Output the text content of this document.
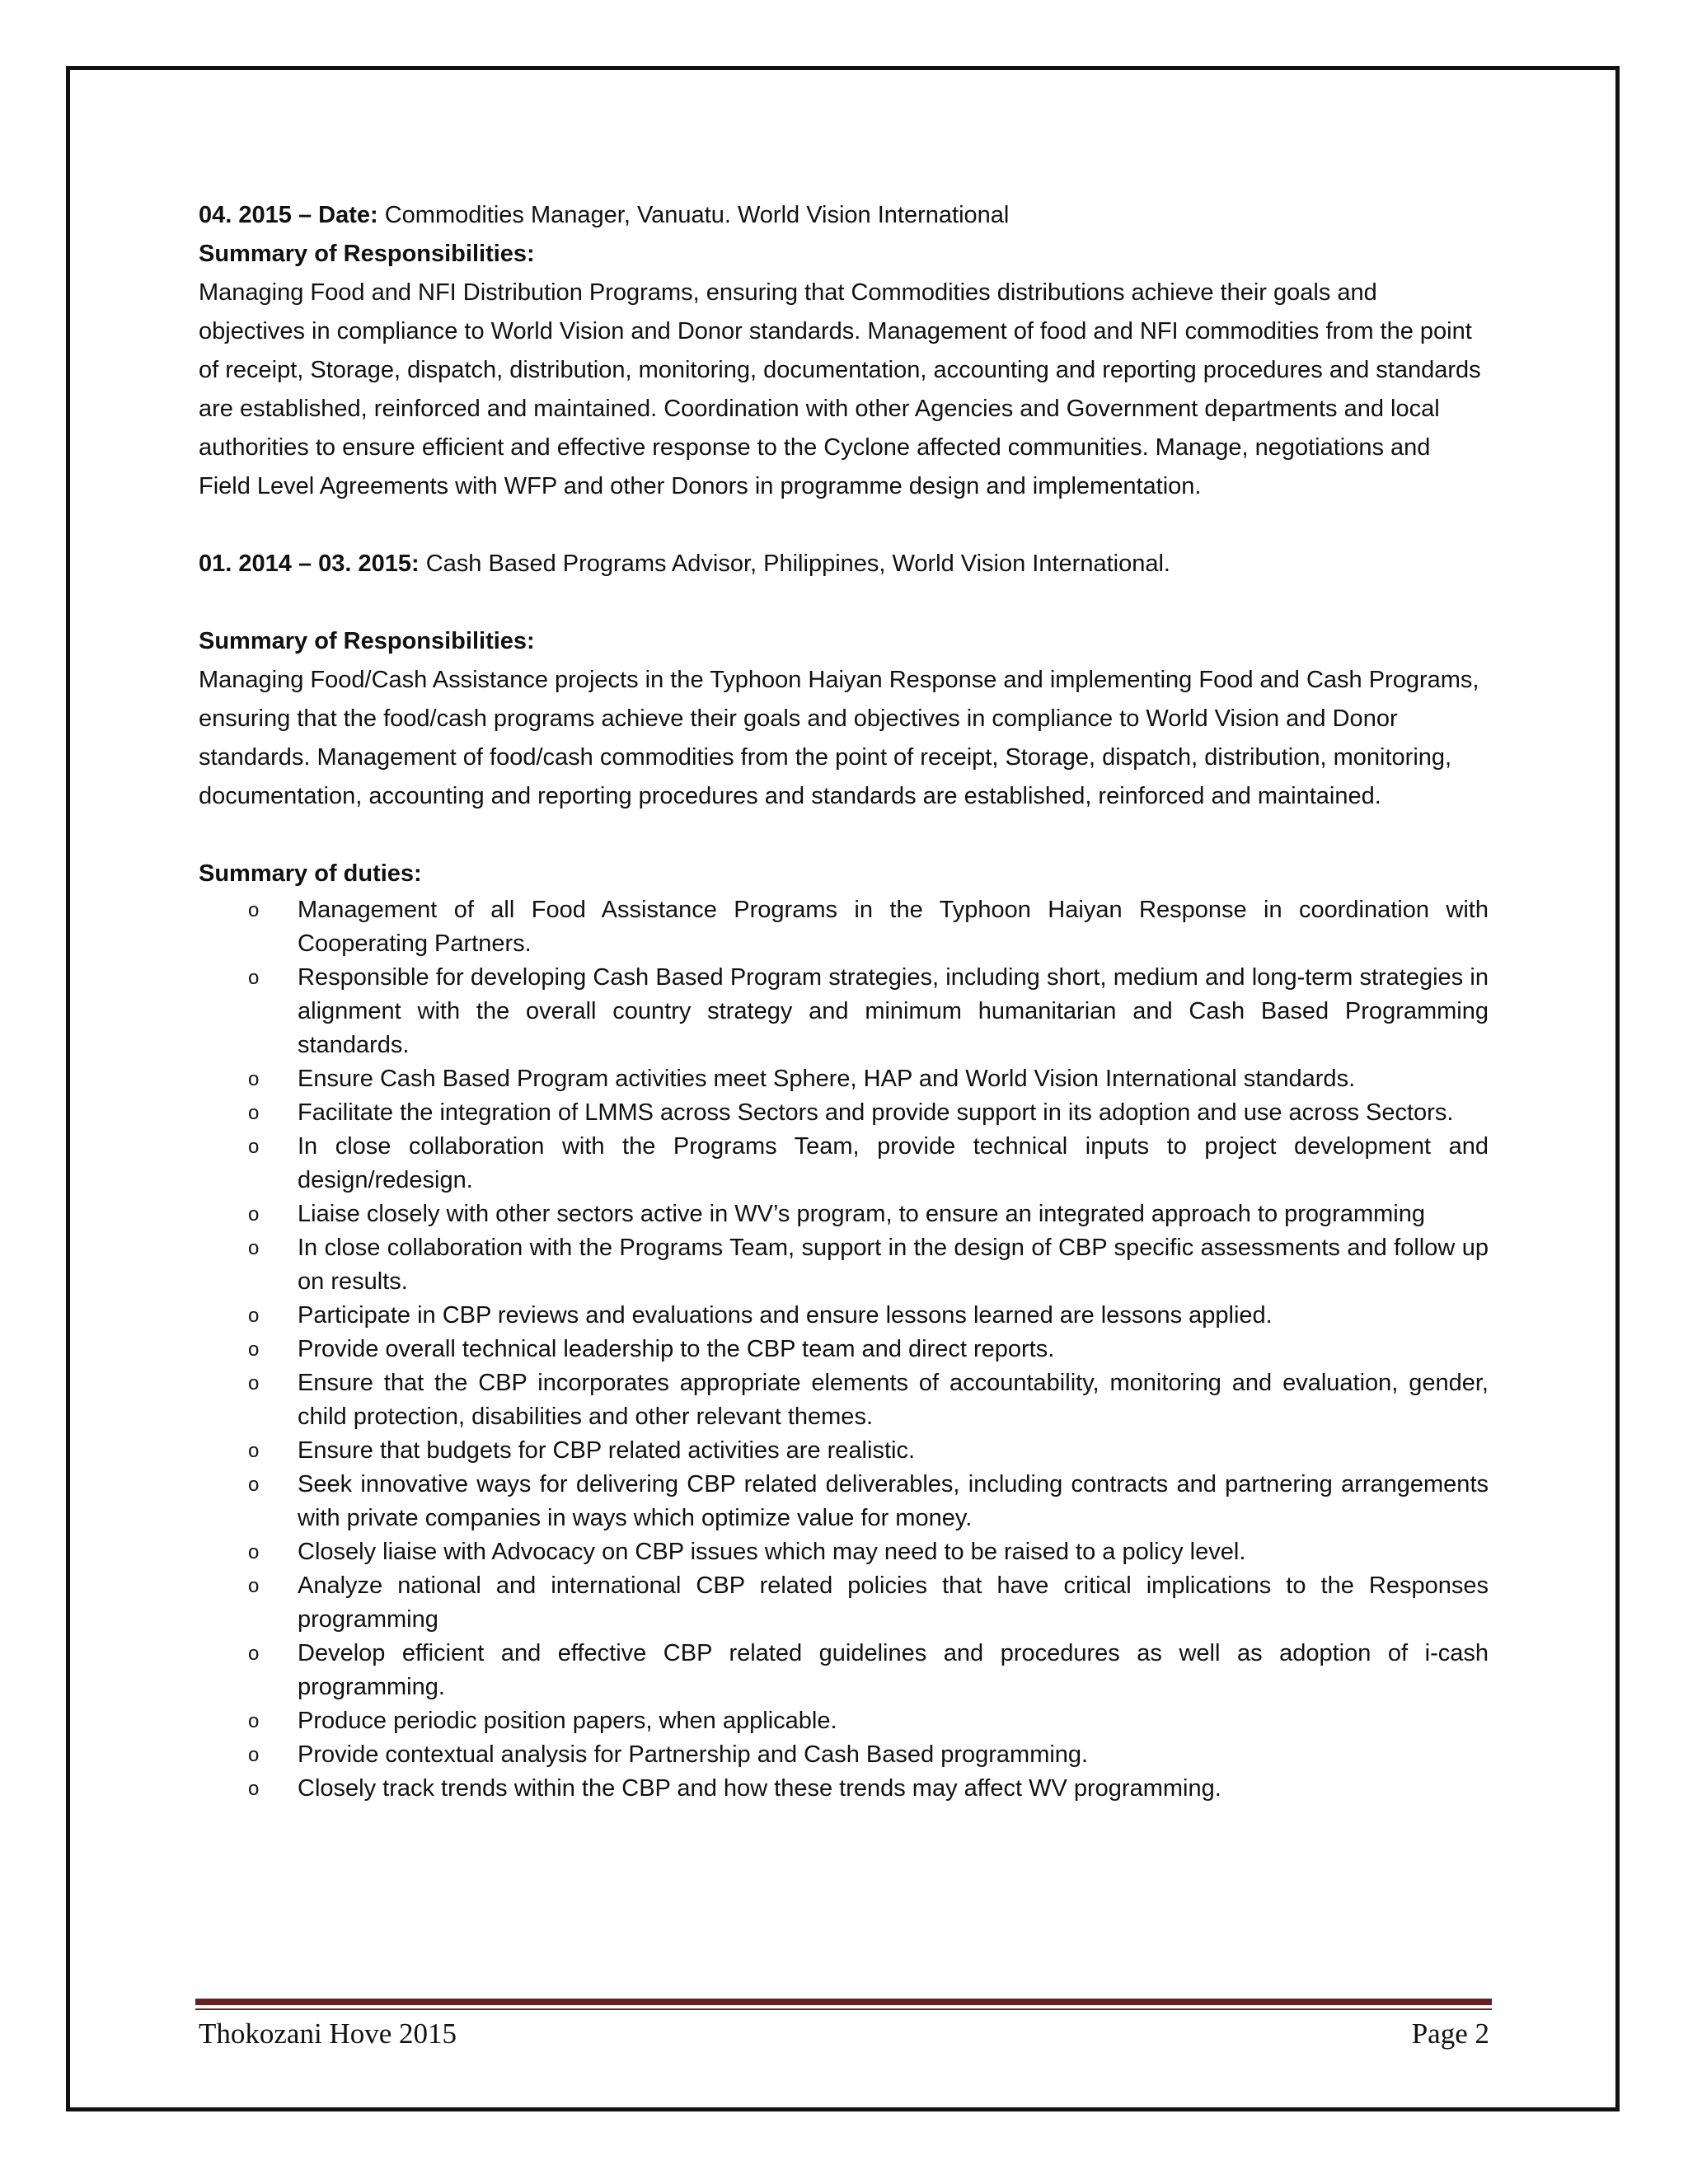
04. 2015 – Date: Commodities Manager, Vanuatu. World Vision International

Summary of Responsibilities:

Managing Food and NFI Distribution Programs, ensuring that Commodities distributions achieve their goals and objectives in compliance to World Vision and Donor standards. Management of food and NFI commodities from the point of receipt, Storage, dispatch, distribution, monitoring, documentation, accounting and reporting procedures and standards are established, reinforced and maintained. Coordination with other Agencies and Government departments and local authorities to ensure efficient and effective response to the Cyclone affected communities. Manage, negotiations and Field Level Agreements with WFP and other Donors in programme design and implementation.

01. 2014 – 03. 2015: Cash Based Programs Advisor, Philippines, World Vision International.

Summary of Responsibilities:

Managing Food/Cash Assistance projects in the Typhoon Haiyan Response and implementing Food and Cash Programs, ensuring that the food/cash programs achieve their goals and objectives in compliance to World Vision and Donor standards. Management of food/cash commodities from the point of receipt, Storage, dispatch, distribution, monitoring, documentation, accounting and reporting procedures and standards are established, reinforced and maintained.

Summary of duties:

o Management of all Food Assistance Programs in the Typhoon Haiyan Response in coordination with Cooperating Partners.
o Responsible for developing Cash Based Program strategies, including short, medium and long-term strategies in alignment with the overall country strategy and minimum humanitarian and Cash Based Programming standards.
o Ensure Cash Based Program activities meet Sphere, HAP and World Vision International standards.
o Facilitate the integration of LMMS across Sectors and provide support in its adoption and use across Sectors.
o In close collaboration with the Programs Team, provide technical inputs to project development and design/redesign.
o Liaise closely with other sectors active in WV’s program, to ensure an integrated approach to programming
o In close collaboration with the Programs Team, support in the design of CBP specific assessments and follow up on results.
o Participate in CBP reviews and evaluations and ensure lessons learned are lessons applied.
o Provide overall technical leadership to the CBP team and direct reports.
o Ensure that the CBP incorporates appropriate elements of accountability, monitoring and evaluation, gender, child protection, disabilities and other relevant themes.
o Ensure that budgets for CBP related activities are realistic.
o Seek innovative ways for delivering CBP related deliverables, including contracts and partnering arrangements with private companies in ways which optimize value for money.
o Closely liaise with Advocacy on CBP issues which may need to be raised to a policy level.
o Analyze national and international CBP related policies that have critical implications to the Responses programming
o Develop efficient and effective CBP related guidelines and procedures as well as adoption of i-cash programming.
o Produce periodic position papers, when applicable.
o Provide contextual analysis for Partnership and Cash Based programming.
o Closely track trends within the CBP and how these trends may affect WV programming.
Thokozani Hove 2015	Page 2
